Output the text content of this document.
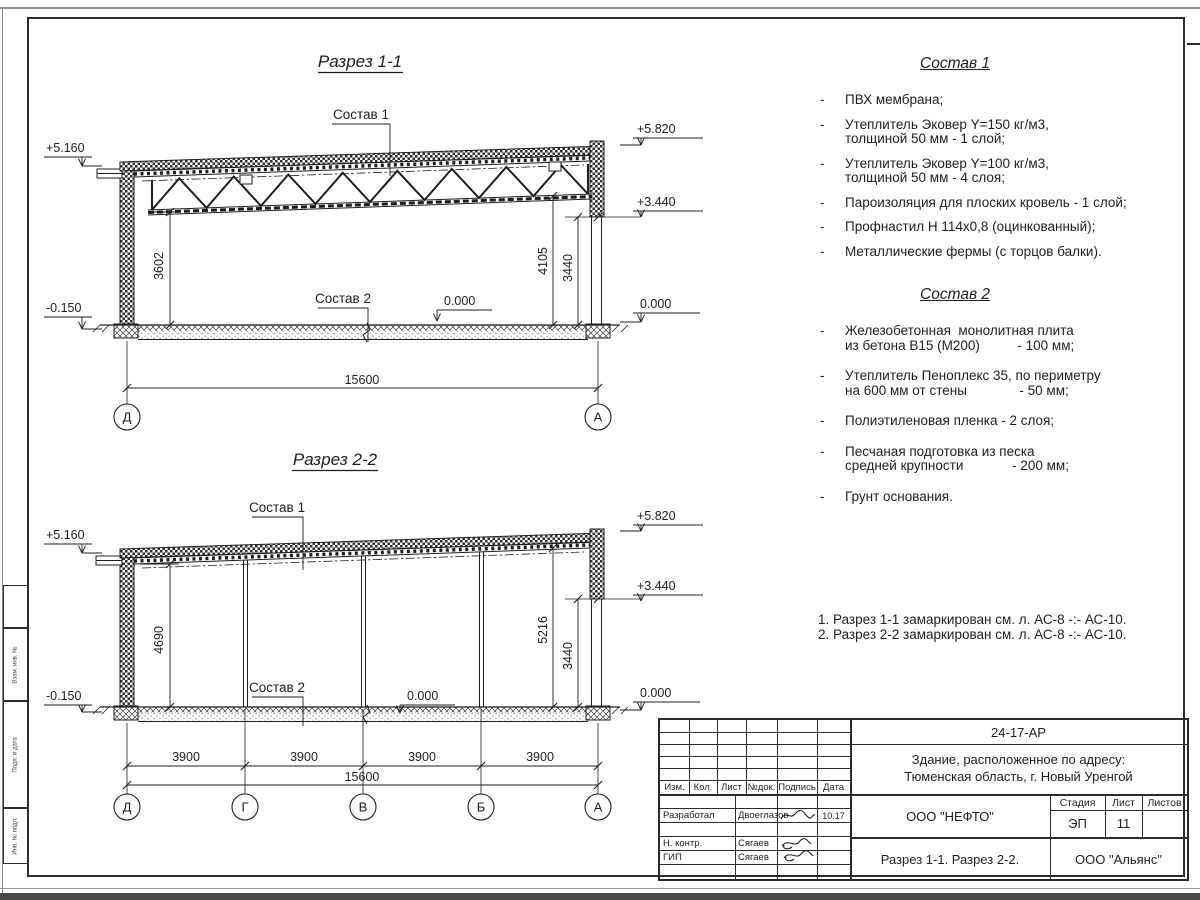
Разрез 1-1
Состав 1
Состав 2
+5.160
-0.150
+5.820
+3.440
0.000
0.000
3602	4105 3440
15600
Д	А
Разрез 2-2
Состав 1
Состав 2
+5.160
-0.150
+5.820
+3.440
0.000
0.000
4690	5216
3440
3900	3900	3900	3900
15600
Д	Г	В	Б	А
Состав 1
-	ПВХ мембрана;

-	Утеплитель Эковер Y=150 кг/м3,
толщиной 50 мм - 1 слой;
-	Утеплитель Эковер Y=100 кг/м3,
толщиной 50 мм - 4 слоя;
-	Пароизоляция для плоских кровель - 1 слой;
-	Профнастил Н 114х0,8 (оцинкованный);
-	Металлические фермы (с торцов балки).
Состав 2
-	Железобетонная  монолитная плита
из бетона В15 (М200)          - 100 мм;
-	Утеплитель Пеноплекс 35, по периметру
на 600 мм от стены              - 50 мм;
-	Полиэтиленовая пленка - 2 слоя;
-	Песчаная подготовка из песка
средней крупности             - 200 мм;
-	Грунт основания.
1. Разрез 1-1 замаркирован см. л. АС-8 -:- АС-10.
2. Разрез 2-2 замаркирован см. л. АС-8 -:- АС-10.
Изм. Кол. Лист №док. Подпись Дата
Разработал Двоеглазов	10.17
Н. контр.	Сягаев
ГИП	Сягаев
24-17-АР
Здание, расположенное по адресу:
Тюменская область, г. Новый Уренгой
ООО "НЕФТО"
Стадия	Лист	Листов
ЭП	11
Разрез 1-1. Разрез 2-2.	ООО "Альянс"
Взам. инв. №
Подп. и дата
Инв. № подл.
